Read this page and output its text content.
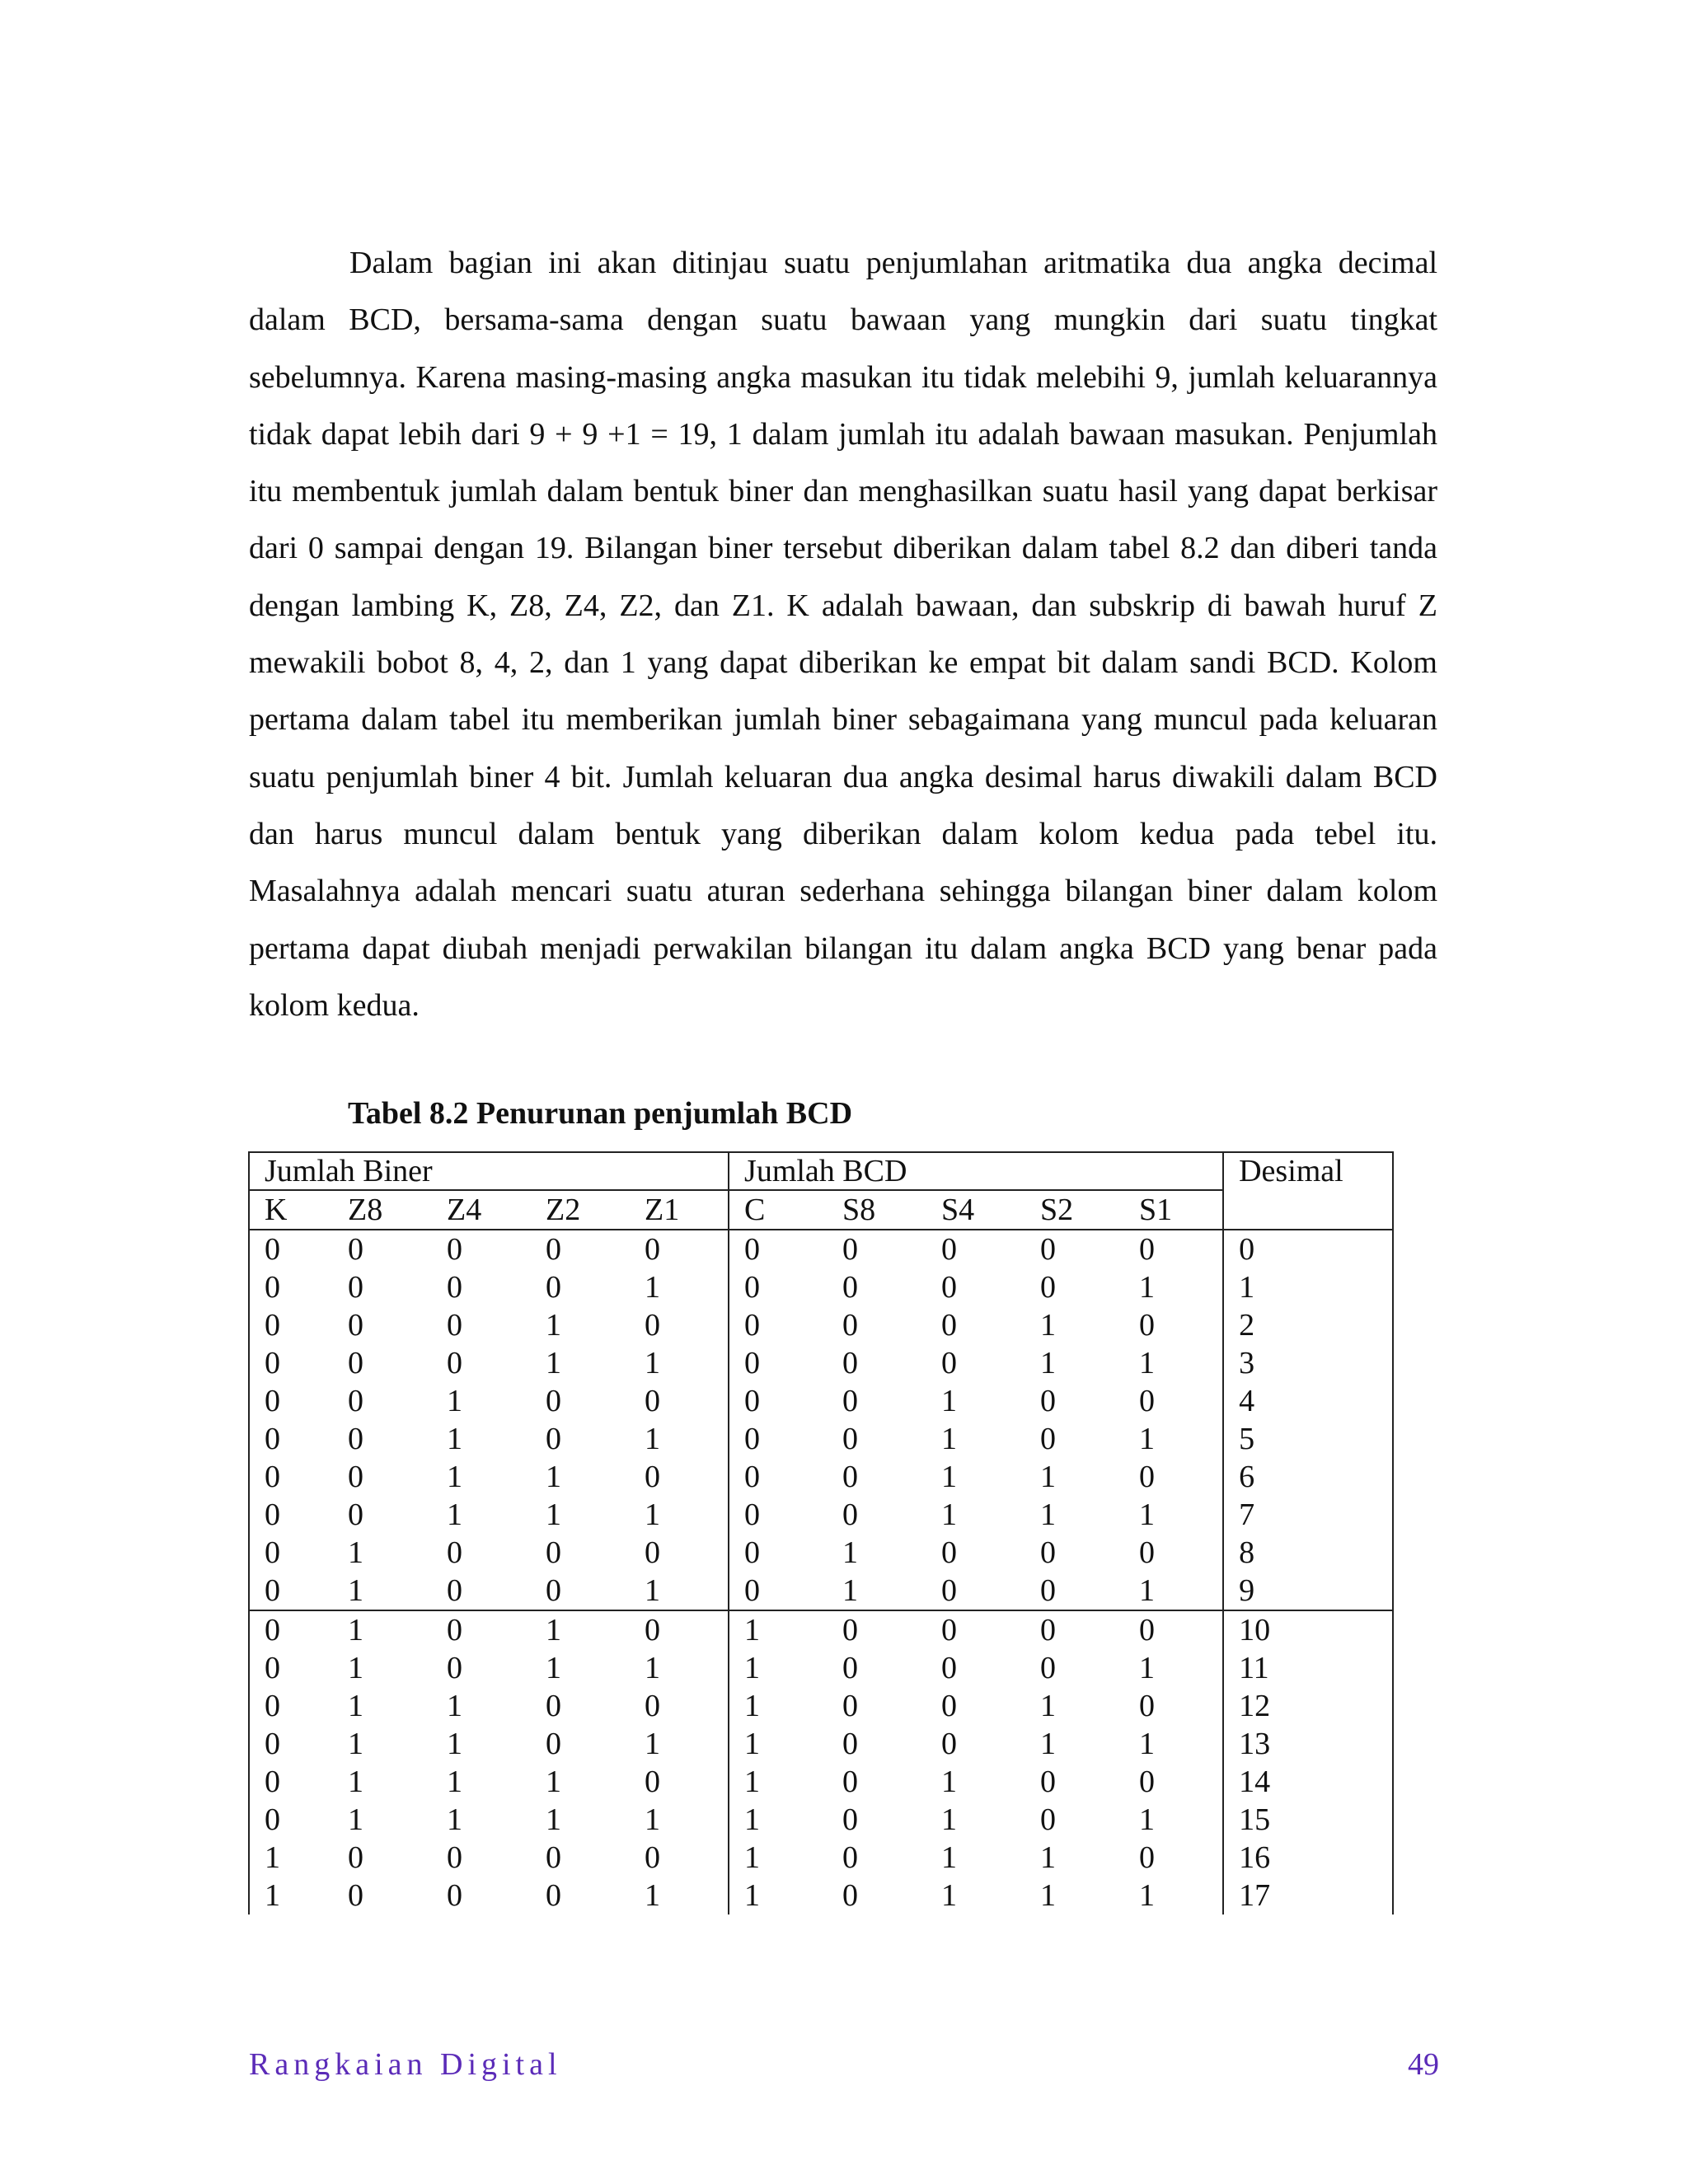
Dalam bagian ini akan ditinjau suatu penjumlahan aritmatika dua angka decimal dalam BCD, bersama-sama dengan suatu bawaan yang mungkin dari suatu tingkat sebelumnya. Karena masing-masing angka masukan itu tidak melebihi 9, jumlah keluarannya tidak dapat lebih dari 9 + 9 +1 = 19, 1 dalam jumlah itu adalah bawaan masukan. Penjumlah itu membentuk jumlah dalam bentuk biner dan menghasilkan suatu hasil yang dapat berkisar dari 0 sampai dengan 19. Bilangan biner tersebut diberikan dalam tabel 8.2 dan diberi tanda dengan lambing K, Z8, Z4, Z2, dan Z1. K adalah bawaan, dan subskrip di bawah huruf Z mewakili bobot 8, 4, 2, dan 1 yang dapat diberikan ke empat bit dalam sandi BCD. Kolom pertama dalam tabel itu memberikan jumlah biner sebagaimana yang muncul pada keluaran suatu penjumlah biner 4 bit. Jumlah keluaran dua angka desimal harus diwakili dalam BCD dan harus muncul dalam bentuk yang diberikan dalam kolom kedua pada tebel itu. Masalahnya adalah mencari suatu aturan sederhana sehingga bilangan biner dalam kolom pertama dapat diubah menjadi perwakilan bilangan itu dalam angka BCD yang benar pada kolom kedua.

Tabel 8.2 Penurunan penjumlah BCD

Jumlah Biner					Jumlah BCD					Desimal
K	Z8	Z4	Z2	Z1	C	S8	S4	S2	S1	
0	0	0	0	0	0	0	0	0	0	0
0	0	0	0	1	0	0	0	0	1	1
0	0	0	1	0	0	0	0	1	0	2
0	0	0	1	1	0	0	0	1	1	3
0	0	1	0	0	0	0	1	0	0	4
0	0	1	0	1	0	0	1	0	1	5
0	0	1	1	0	0	0	1	1	0	6
0	0	1	1	1	0	0	1	1	1	7
0	1	0	0	0	0	1	0	0	0	8
0	1	0	0	1	0	1	0	0	1	9
0	1	0	1	0	1	0	0	0	0	10
0	1	0	1	1	1	0	0	0	1	11
0	1	1	0	0	1	0	0	1	0	12
0	1	1	0	1	1	0	0	1	1	13
0	1	1	1	0	1	0	1	0	0	14
0	1	1	1	1	1	0	1	0	1	15
1	0	0	0	0	1	0	1	1	0	16
1	0	0	0	1	1	0	1	1	1	17

Rangkaian Digital	49
